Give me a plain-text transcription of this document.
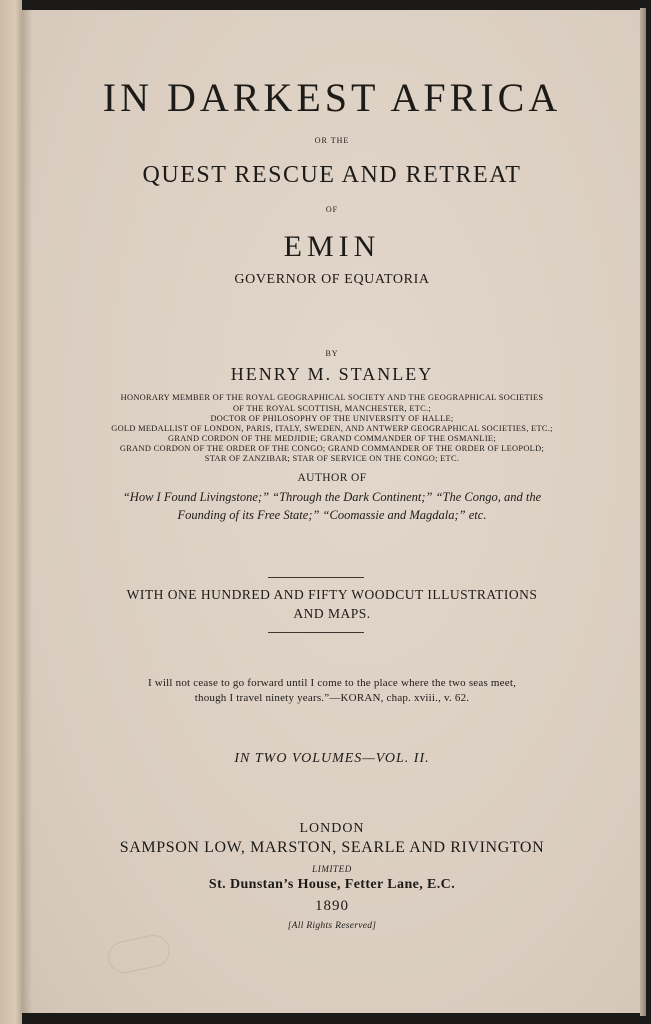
IN DARKEST AFRICA

OR THE

QUEST RESCUE AND RETREAT

OF

EMIN

GOVERNOR OF EQUATORIA

BY

HENRY M. STANLEY

HONORARY MEMBER OF THE ROYAL GEOGRAPHICAL SOCIETY AND THE GEOGRAPHICAL SOCIETIES

OF THE ROYAL SCOTTISH, MANCHESTER, ETC.;

DOCTOR OF PHILOSOPHY OF THE UNIVERSITY OF HALLE;

GOLD MEDALLIST OF LONDON, PARIS, ITALY, SWEDEN, AND ANTWERP GEOGRAPHICAL SOCIETIES, ETC.;

GRAND CORDON OF THE MEDJIDIE; GRAND COMMANDER OF THE OSMANLIE;

GRAND CORDON OF THE ORDER OF THE CONGO; GRAND COMMANDER OF THE ORDER OF LEOPOLD;

STAR OF ZANZIBAR; STAR OF SERVICE ON THE CONGO; ETC.

AUTHOR OF

“How I Found Livingstone;” “Through the Dark Continent;” “The Congo, and the

Founding of its Free State;” “Coomassie and Magdala;” etc.

WITH ONE HUNDRED AND FIFTY WOODCUT ILLUSTRATIONS

AND MAPS.

I will not cease to go forward until I come to the place where the two seas meet,

though I travel ninety years.”—KORAN, chap. xviii., v. 62.

IN TWO VOLUMES—VOL. II.

LONDON

SAMPSON LOW, MARSTON, SEARLE AND RIVINGTON

LIMITED

St. Dunstan’s House, Fetter Lane, E.C.

1890

[All Rights Reserved]
